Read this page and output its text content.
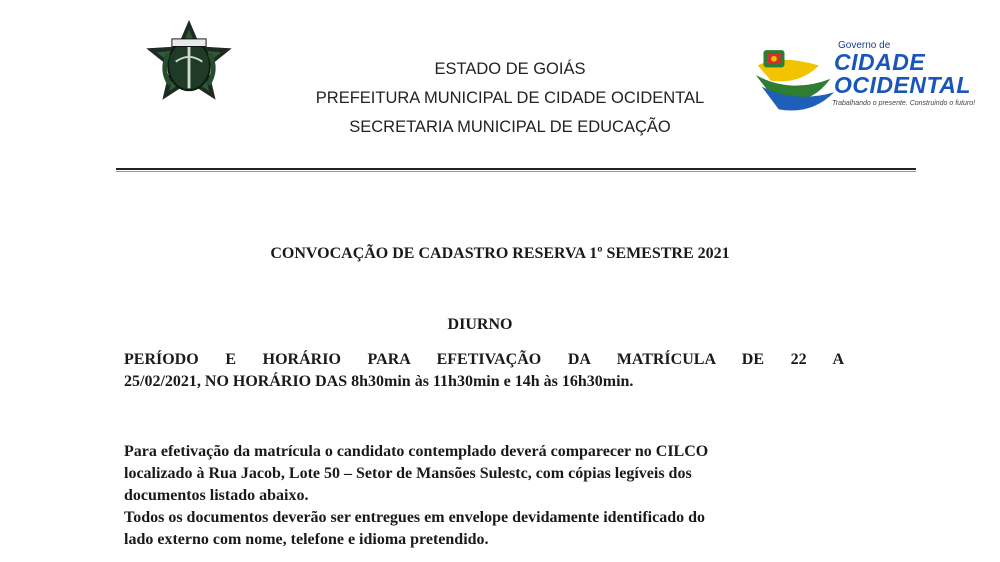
ESTADO DE GOIÁS
PREFEITURA MUNICIPAL DE CIDADE OCIDENTAL
SECRETARIA MUNICIPAL DE EDUCAÇÃO
Governo de
CIDADE
OCIDENTAL
Trabalhando o presente. Construindo o futuro!
CONVOCAÇÃO DE CADASTRO RESERVA 1º SEMESTRE 2021
DIURNO
PERÍODO E HORÁRIO PARA EFETIVAÇÃO DA MATRÍCULA DE 22 A
25/02/2021, NO HORÁRIO DAS 8h30min às 11h30min e 14h às 16h30min.
Para efetivação da matrícula o candidato contemplado deverá comparecer no CILCO
localizado à Rua Jacob, Lote 50 – Setor de Mansões Sulestc, com cópias legíveis dos
documentos listado abaixo.
Todos os documentos deverão ser entregues em envelope devidamente identificado do
lado externo com nome, telefone e idioma pretendido.
